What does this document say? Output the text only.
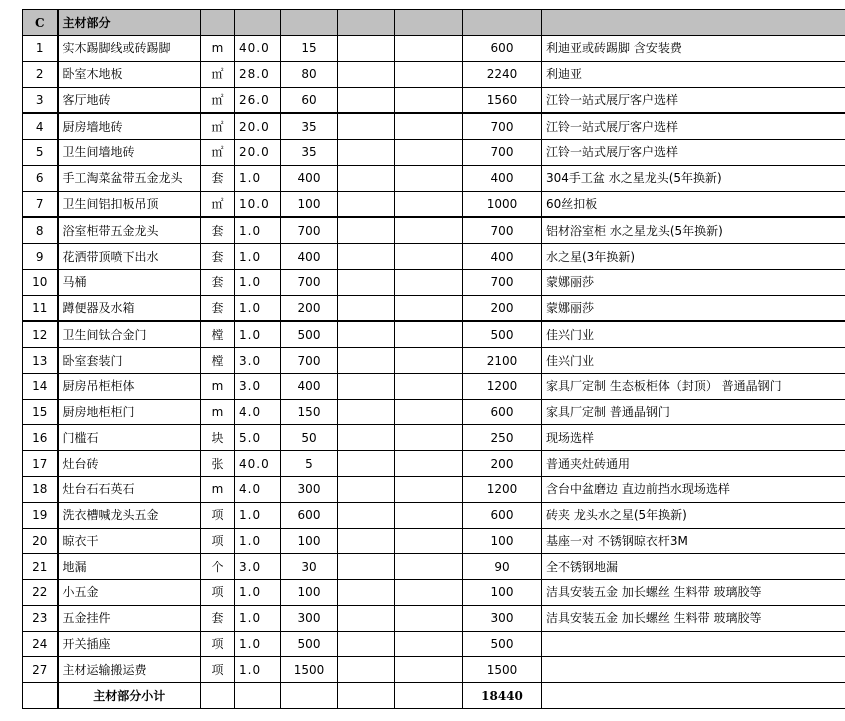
C	主材部分							
1	实木踢脚线或砖踢脚	m	40.0	15			600	利迪亚或砖踢脚 含安装费
2	卧室木地板	㎡	28.0	80			2240	利迪亚
3	客厅地砖	㎡	26.0	60			1560	江铃一站式展厅客户选样
4	厨房墙地砖	㎡	20.0	35			700	江铃一站式展厅客户选样
5	卫生间墙地砖	㎡	20.0	35			700	江铃一站式展厅客户选样
6	手工淘菜盆带五金龙头	套	1.0	400			400	304手工盆 水之星龙头(5年换新)
7	卫生间铝扣板吊顶	㎡	10.0	100			1000	60丝扣板
8	浴室柜带五金龙头	套	1.0	700			700	铝材浴室柜 水之星龙头(5年换新)
9	花洒带顶喷下出水	套	1.0	400			400	水之星(3年换新)
10	马桶	套	1.0	700			700	蒙娜丽莎
11	蹲便器及水箱	套	1.0	200			200	蒙娜丽莎
12	卫生间钛合金门	樘	1.0	500			500	佳兴门业
13	卧室套装门	樘	3.0	700			2100	佳兴门业
14	厨房吊柜柜体	m	3.0	400			1200	家具厂定制 生态板柜体（封顶） 普通晶钢门
15	厨房地柜柜门	m	4.0	150			600	家具厂定制 普通晶钢门
16	门槛石	块	5.0	50			250	现场选样
17	灶台砖	张	40.0	5			200	普通夹灶砖通用
18	灶台石石英石	m	4.0	300			1200	含台中盆磨边 直边前挡水现场选样
19	洗衣槽喊龙头五金	项	1.0	600			600	砖夹 龙头水之星(5年换新)
20	晾衣干	项	1.0	100			100	基座一对 不锈钢晾衣杆3M
21	地漏	个	3.0	30			90	全不锈钢地漏
22	小五金	项	1.0	100			100	洁具安装五金 加长螺丝 生料带 玻璃胶等
23	五金挂件	套	1.0	300			300	洁具安装五金 加长螺丝 生料带 玻璃胶等
24	开关插座	项	1.0	500			500	
27	主材运输搬运费	项	1.0	1500			1500	
	主材部分小计						18440	
